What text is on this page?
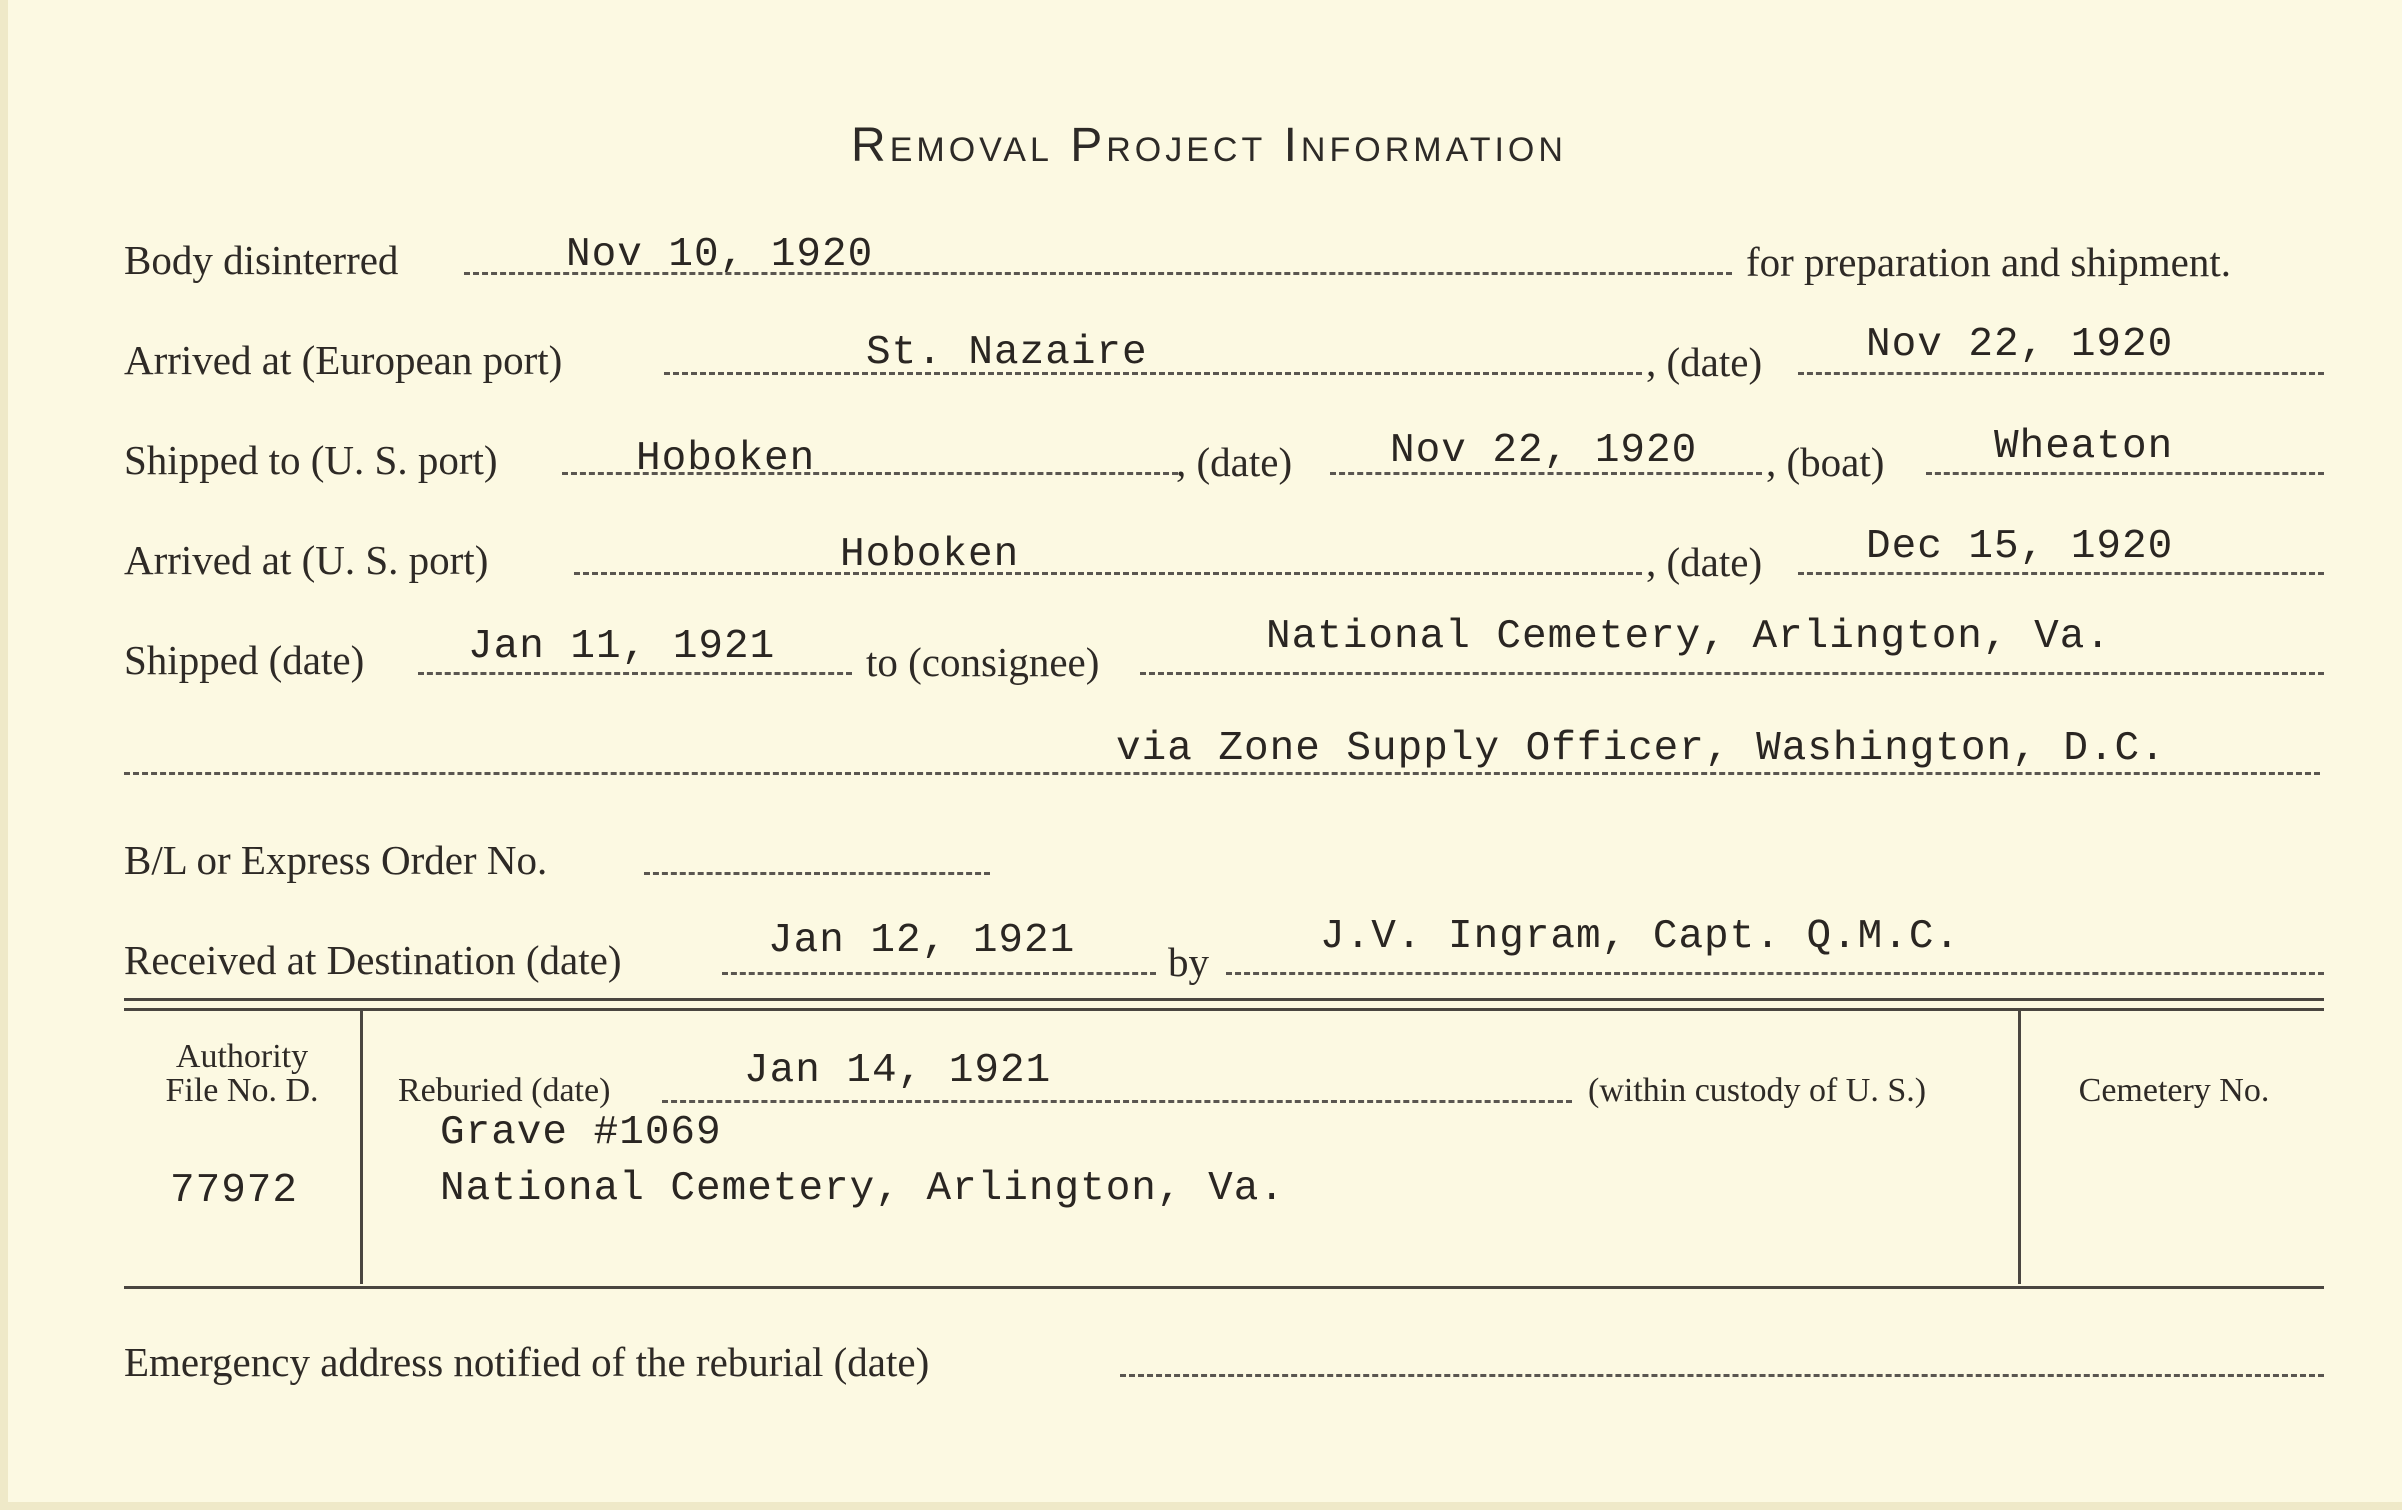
Removal Project Information
Body disinterred	Nov 10, 1920	for preparation and shipment.
Arrived at (European port)	St. Nazaire	, (date)	Nov 22, 1920
Shipped to (U. S. port)	Hoboken	, (date) Nov 22, 1920 , (boat)	Wheaton
Arrived at (U. S. port)	Hoboken	, (date)	Dec 15, 1920
Shipped (date)	Jan 11, 1921 to (consignee)
National Cemetery, Arlington, Va.
via Zone Supply Officer, Washington, D.C.
B/L or Express Order No.
Received at Destination (date)	Jan 12, 1921 by
J.V. Ingram, Capt. Q.M.C.
Authority
File No. D.
77972
Reburied (date)	Jan 14, 1921	(within custody of U. S.)
Grave #1069
National Cemetery, Arlington, Va.
Cemetery No.
Emergency address notified of the reburial (date)
